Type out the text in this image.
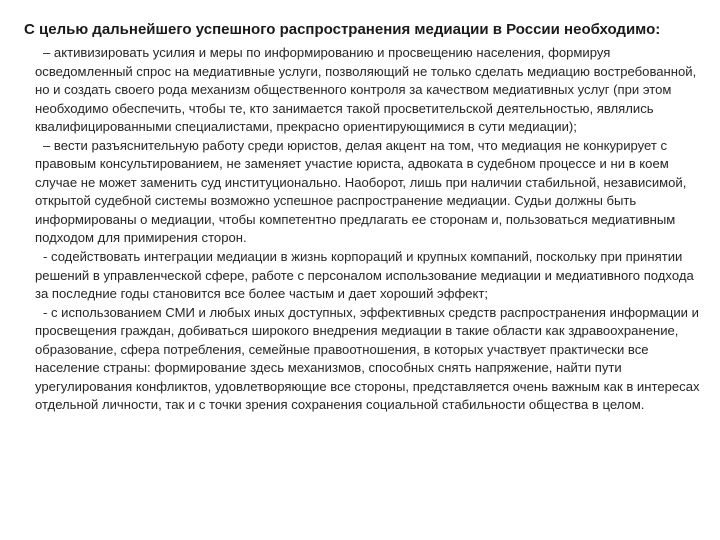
С целью дальнейшего успешного распространения медиации в России необходимо:

– активизировать усилия и меры по информированию и просвещению населения, формируя осведомленный спрос на медиативные услуги, позволяющий не только сделать медиацию востребованной, но и создать своего рода механизм общественного контроля за качеством медиативных услуг (при этом необходимо обеспечить, чтобы те, кто занимается такой просветительской деятельностью, являлись квалифицированными специалистами, прекрасно ориентирующимися в сути медиации);

– вести разъяснительную работу среди юристов, делая акцент на том, что медиация не конкурирует с правовым консультированием, не заменяет участие юриста, адвоката в судебном процессе и ни в коем случае не может заменить суд институционально. Наоборот, лишь при наличии стабильной, независимой, открытой судебной системы возможно успешное распространение медиации. Судьи должны быть информированы о медиации, чтобы компетентно предлагать ее сторонам и, пользоваться медиативным подходом для примирения сторон.

- содействовать интеграции медиации в жизнь корпораций и крупных компаний, поскольку при принятии решений в управленческой сфере, работе с персоналом использование медиации и медиативного подхода за последние годы становится все более частым и дает хороший эффект;

- с использованием СМИ и любых иных доступных, эффективных средств распространения информации и просвещения граждан, добиваться широкого внедрения медиации в такие области как здравоохранение, образование, сфера потребления, семейные правоотношения, в которых участвует практически все население страны: формирование здесь механизмов, способных снять напряжение, найти пути урегулирования конфликтов, удовлетворяющие все стороны, представляется очень важным как в интересах отдельной личности, так и с точки зрения сохранения социальной стабильности общества в целом.
